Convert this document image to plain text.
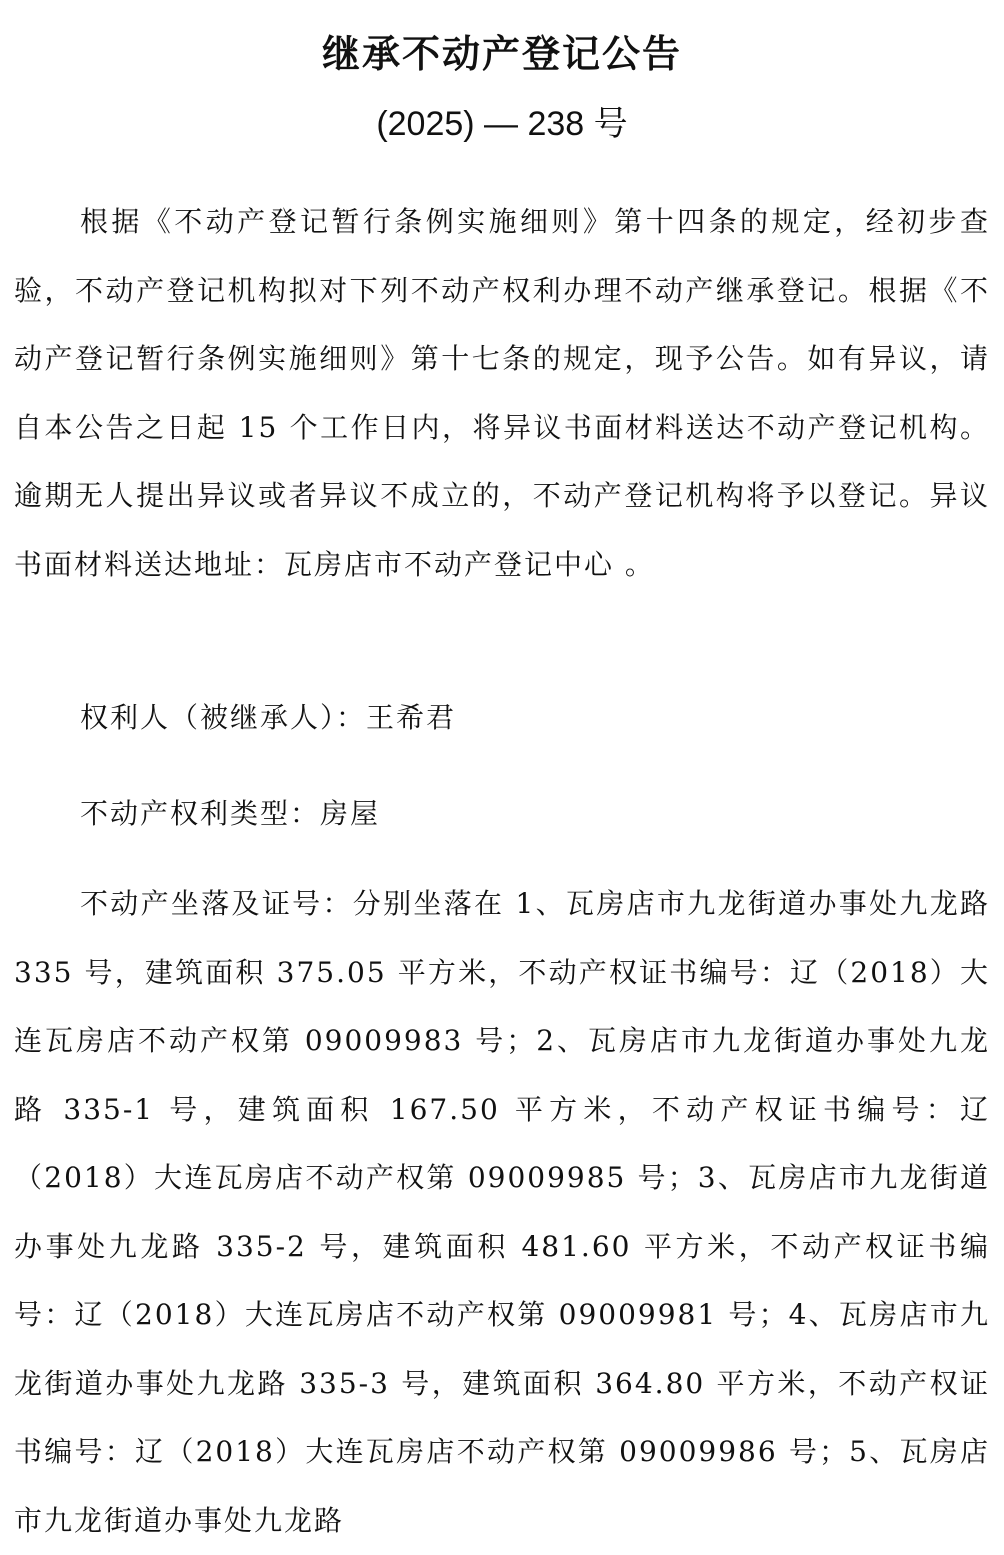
继承不动产登记公告
(2025) — 238 号

根据《不动产登记暂行条例实施细则》第十四条的规定，经初步查验，不动产登记机构拟对下列不动产权利办理不动产继承登记。根据《不动产登记暂行条例实施细则》第十七条的规定，现予公告。如有异议，请自本公告之日起 15 个工作日内，将异议书面材料送达不动产登记机构。逾期无人提出异议或者异议不成立的，不动产登记机构将予以登记。异议书面材料送达地址：瓦房店市不动产登记中心 。

权利人（被继承人）：王希君

不动产权利类型：房屋

不动产坐落及证号：分别坐落在 1、瓦房店市九龙街道办事处九龙路 335 号，建筑面积 375.05 平方米，不动产权证书编号：辽（2018）大连瓦房店不动产权第 09009983 号；2、瓦房店市九龙街道办事处九龙路 335-1 号，建筑面积 167.50 平方米，不动产权证书编号：辽（2018）大连瓦房店不动产权第 09009985 号；3、瓦房店市九龙街道办事处九龙路 335-2 号，建筑面积 481.60 平方米，不动产权证书编号：辽（2018）大连瓦房店不动产权第 09009981 号；4、瓦房店市九龙街道办事处九龙路 335-3 号，建筑面积 364.80 平方米，不动产权证书编号：辽（2018）大连瓦房店不动产权第 09009986 号；5、瓦房店市九龙街道办事处九龙路
